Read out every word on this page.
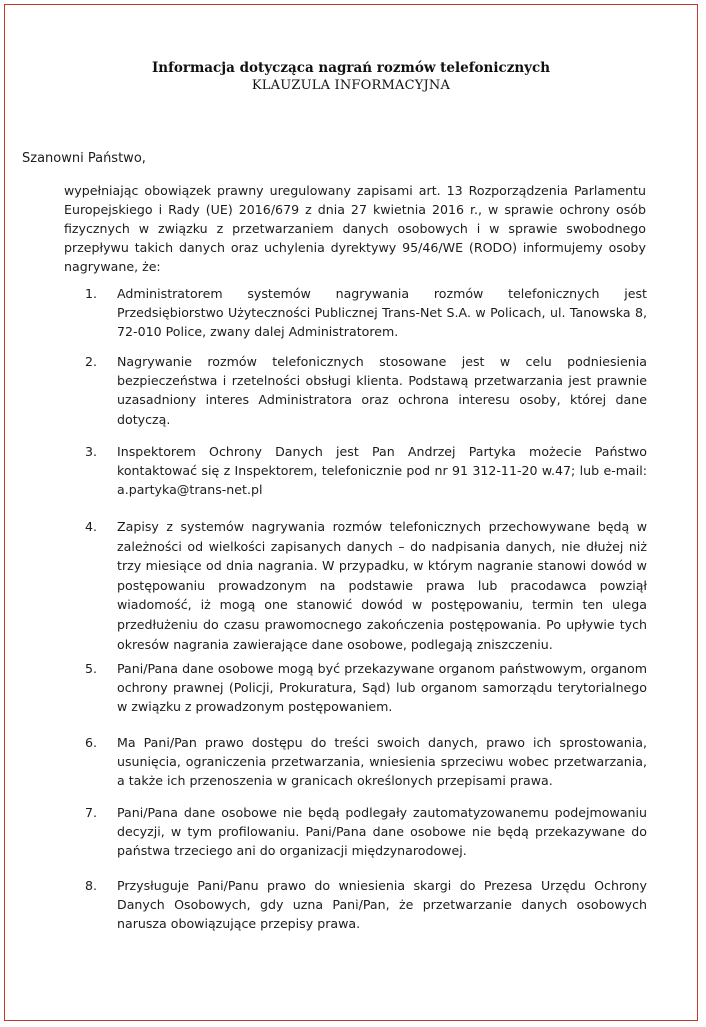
Informacja dotycząca nagrań rozmów telefonicznych
KLAUZULA INFORMACYJNA
Szanowni Państwo,
wypełniając obowiązek prawny uregulowany zapisami art. 13 Rozporządzenia Parlamentu Europejskiego i Rady (UE) 2016/679 z dnia 27 kwietnia 2016 r., w sprawie ochrony osób fizycznych w związku z przetwarzaniem danych osobowych i w sprawie swobodnego przepływu takich danych oraz uchylenia dyrektywy 95/46/WE (RODO) informujemy osoby nagrywane, że:
1.	Administratorem systemów nagrywania rozmów telefonicznych jest Przedsiębiorstwo Użyteczności Publicznej Trans-Net S.A. w Policach, ul. Tanowska 8, 72-010 Police, zwany dalej Administratorem.
2.	Nagrywanie rozmów telefonicznych stosowane jest w celu podniesienia bezpieczeństwa i rzetelności obsługi klienta. Podstawą przetwarzania jest prawnie uzasadniony interes Administratora oraz ochrona interesu osoby, której dane dotyczą.
3.	Inspektorem Ochrony Danych jest Pan Andrzej Partyka możecie Państwo kontaktować się z Inspektorem, telefonicznie pod nr 91 312-11-20 w.47; lub e-mail: a.partyka@trans-net.pl
4.	Zapisy z systemów nagrywania rozmów telefonicznych przechowywane będą w zależności od wielkości zapisanych danych – do nadpisania danych, nie dłużej niż trzy miesiące od dnia nagrania. W przypadku, w którym nagranie stanowi dowód w postępowaniu prowadzonym na podstawie prawa lub pracodawca powziął wiadomość, iż mogą one stanowić dowód w postępowaniu, termin ten ulega przedłużeniu do czasu prawomocnego zakończenia postępowania. Po upływie tych okresów nagrania zawierające dane osobowe, podlegają zniszczeniu.
5.	Pani/Pana dane osobowe mogą być przekazywane organom państwowym, organom ochrony prawnej (Policji, Prokuratura, Sąd) lub organom samorządu terytorialnego w związku z prowadzonym postępowaniem.
6.	Ma Pani/Pan prawo dostępu do treści swoich danych, prawo ich sprostowania, usunięcia, ograniczenia przetwarzania, wniesienia sprzeciwu wobec przetwarzania, a także ich przenoszenia w granicach określonych przepisami prawa.
7.	Pani/Pana dane osobowe nie będą podlegały zautomatyzowanemu podejmowaniu decyzji, w tym profilowaniu. Pani/Pana dane osobowe nie będą przekazywane do państwa trzeciego ani do organizacji międzynarodowej.
8.	Przysługuje Pani/Panu prawo do wniesienia skargi do Prezesa Urzędu Ochrony Danych Osobowych, gdy uzna Pani/Pan, że przetwarzanie danych osobowych narusza obowiązujące przepisy prawa.
